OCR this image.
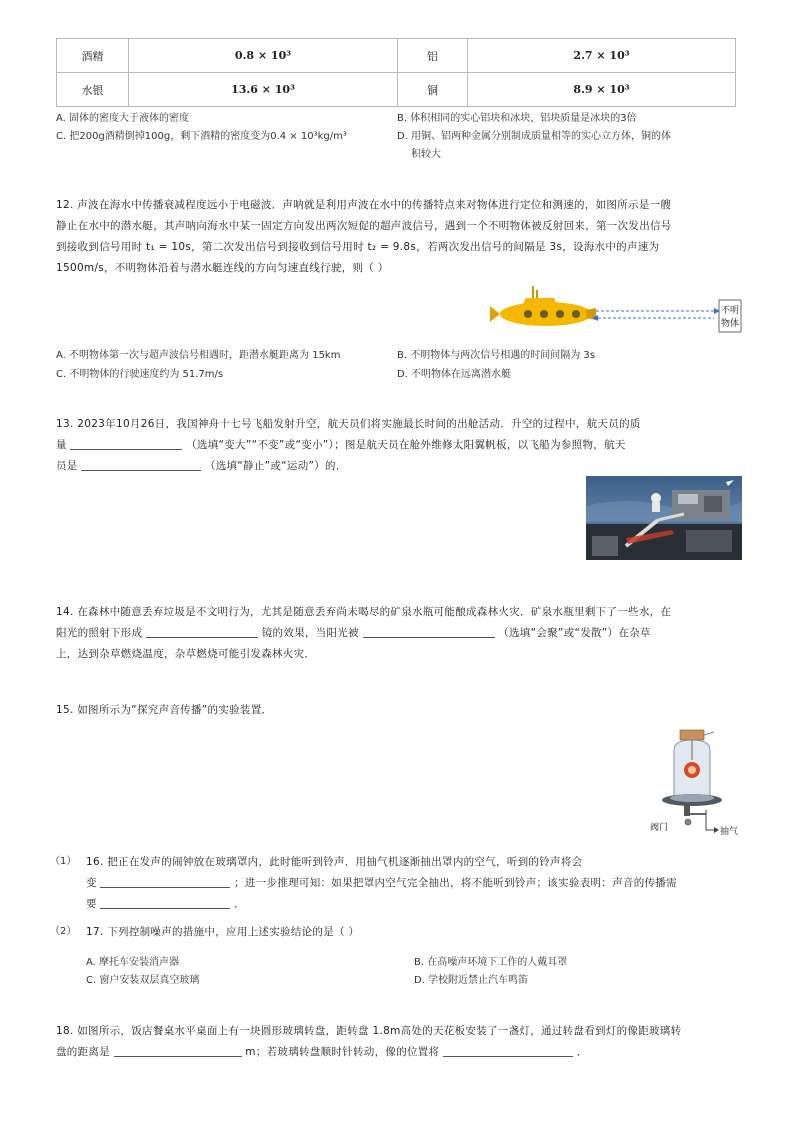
酒精	0.8 × 10³	铝	2.7 × 10³
水银	13.6 × 10³	铜	8.9 × 10³
A. 固体的密度大于液体的密度	B. 体积相同的实心铝块和冰块，铝块质量是冰块的3倍
C. 把200g酒精倒掉100g，剩下酒精的密度变为0.4 × 10³kg/m³	D. 用铜、铝两种金属分别制成质量相等的实心立方体，铜的体
积较大
12. 声波在海水中传播衰减程度远小于电磁波．声呐就是利用声波在水中的传播特点来对物体进行定位和测速的，如图所示是一艘
静止在水中的潜水艇，其声呐向海水中某一固定方向发出两次短促的超声波信号，遇到一个不明物体被反射回来，第一次发出信号
到接收到信号用时 t₁ = 10s，第二次发出信号到接收到信号用时 t₂ = 9.8s，若两次发出信号的间隔是 3s，设海水中的声速为
1500m/s，不明物体沿着与潜水艇连线的方向匀速直线行驶，则（ ）
不明
物体
A. 不明物体第一次与超声波信号相遇时，距潜水艇距离为 15km	B. 不明物体与两次信号相遇的时间间隔为 3s
C. 不明物体的行驶速度约为 51.7m/s	D. 不明物体在远离潜水艇
13. 2023年10月26日，我国神舟十七号飞船发射升空，航天员们将实施最长时间的出舱活动．升空的过程中，航天员的质
量	（选填“变大”“不变”或“变小”）；图是航天员在舱外维修太阳翼帆板，以飞船为参照物，航天
员是	（选填“静止”或“运动”）的．
14. 在森林中随意丢弃垃圾是不文明行为，尤其是随意丢弃尚未喝尽的矿泉水瓶可能酿成森林火灾．矿泉水瓶里剩下了一些水，在
阳光的照射下形成	镜的效果，当阳光被	（选填“会聚”或“发散”）在杂草
上，达到杂草燃烧温度，杂草燃烧可能引发森林火灾．
15. 如图所示为“探究声音传播”的实验装置．
阀门	抽气
（1） 16. 把正在发声的闹钟放在玻璃罩内，此时能听到铃声．用抽气机逐渐抽出罩内的空气，听到的铃声将会
变	；进一步推理可知：如果把罩内空气完全抽出，将不能听到铃声；该实验表明：声音的传播需
要	．
（2） 17. 下列控制噪声的措施中，应用上述实验结论的是（ ）
A. 摩托车安装消声器	B. 在高噪声环境下工作的人戴耳罩
C. 窗户安装双层真空玻璃	D. 学校附近禁止汽车鸣笛
18. 如图所示，饭店餐桌水平桌面上有一块圆形玻璃转盘，距转盘 1.8m高处的天花板安装了一盏灯，通过转盘看到灯的像距玻璃转
盘的距离是	m；若玻璃转盘顺时针转动，像的位置将	．
